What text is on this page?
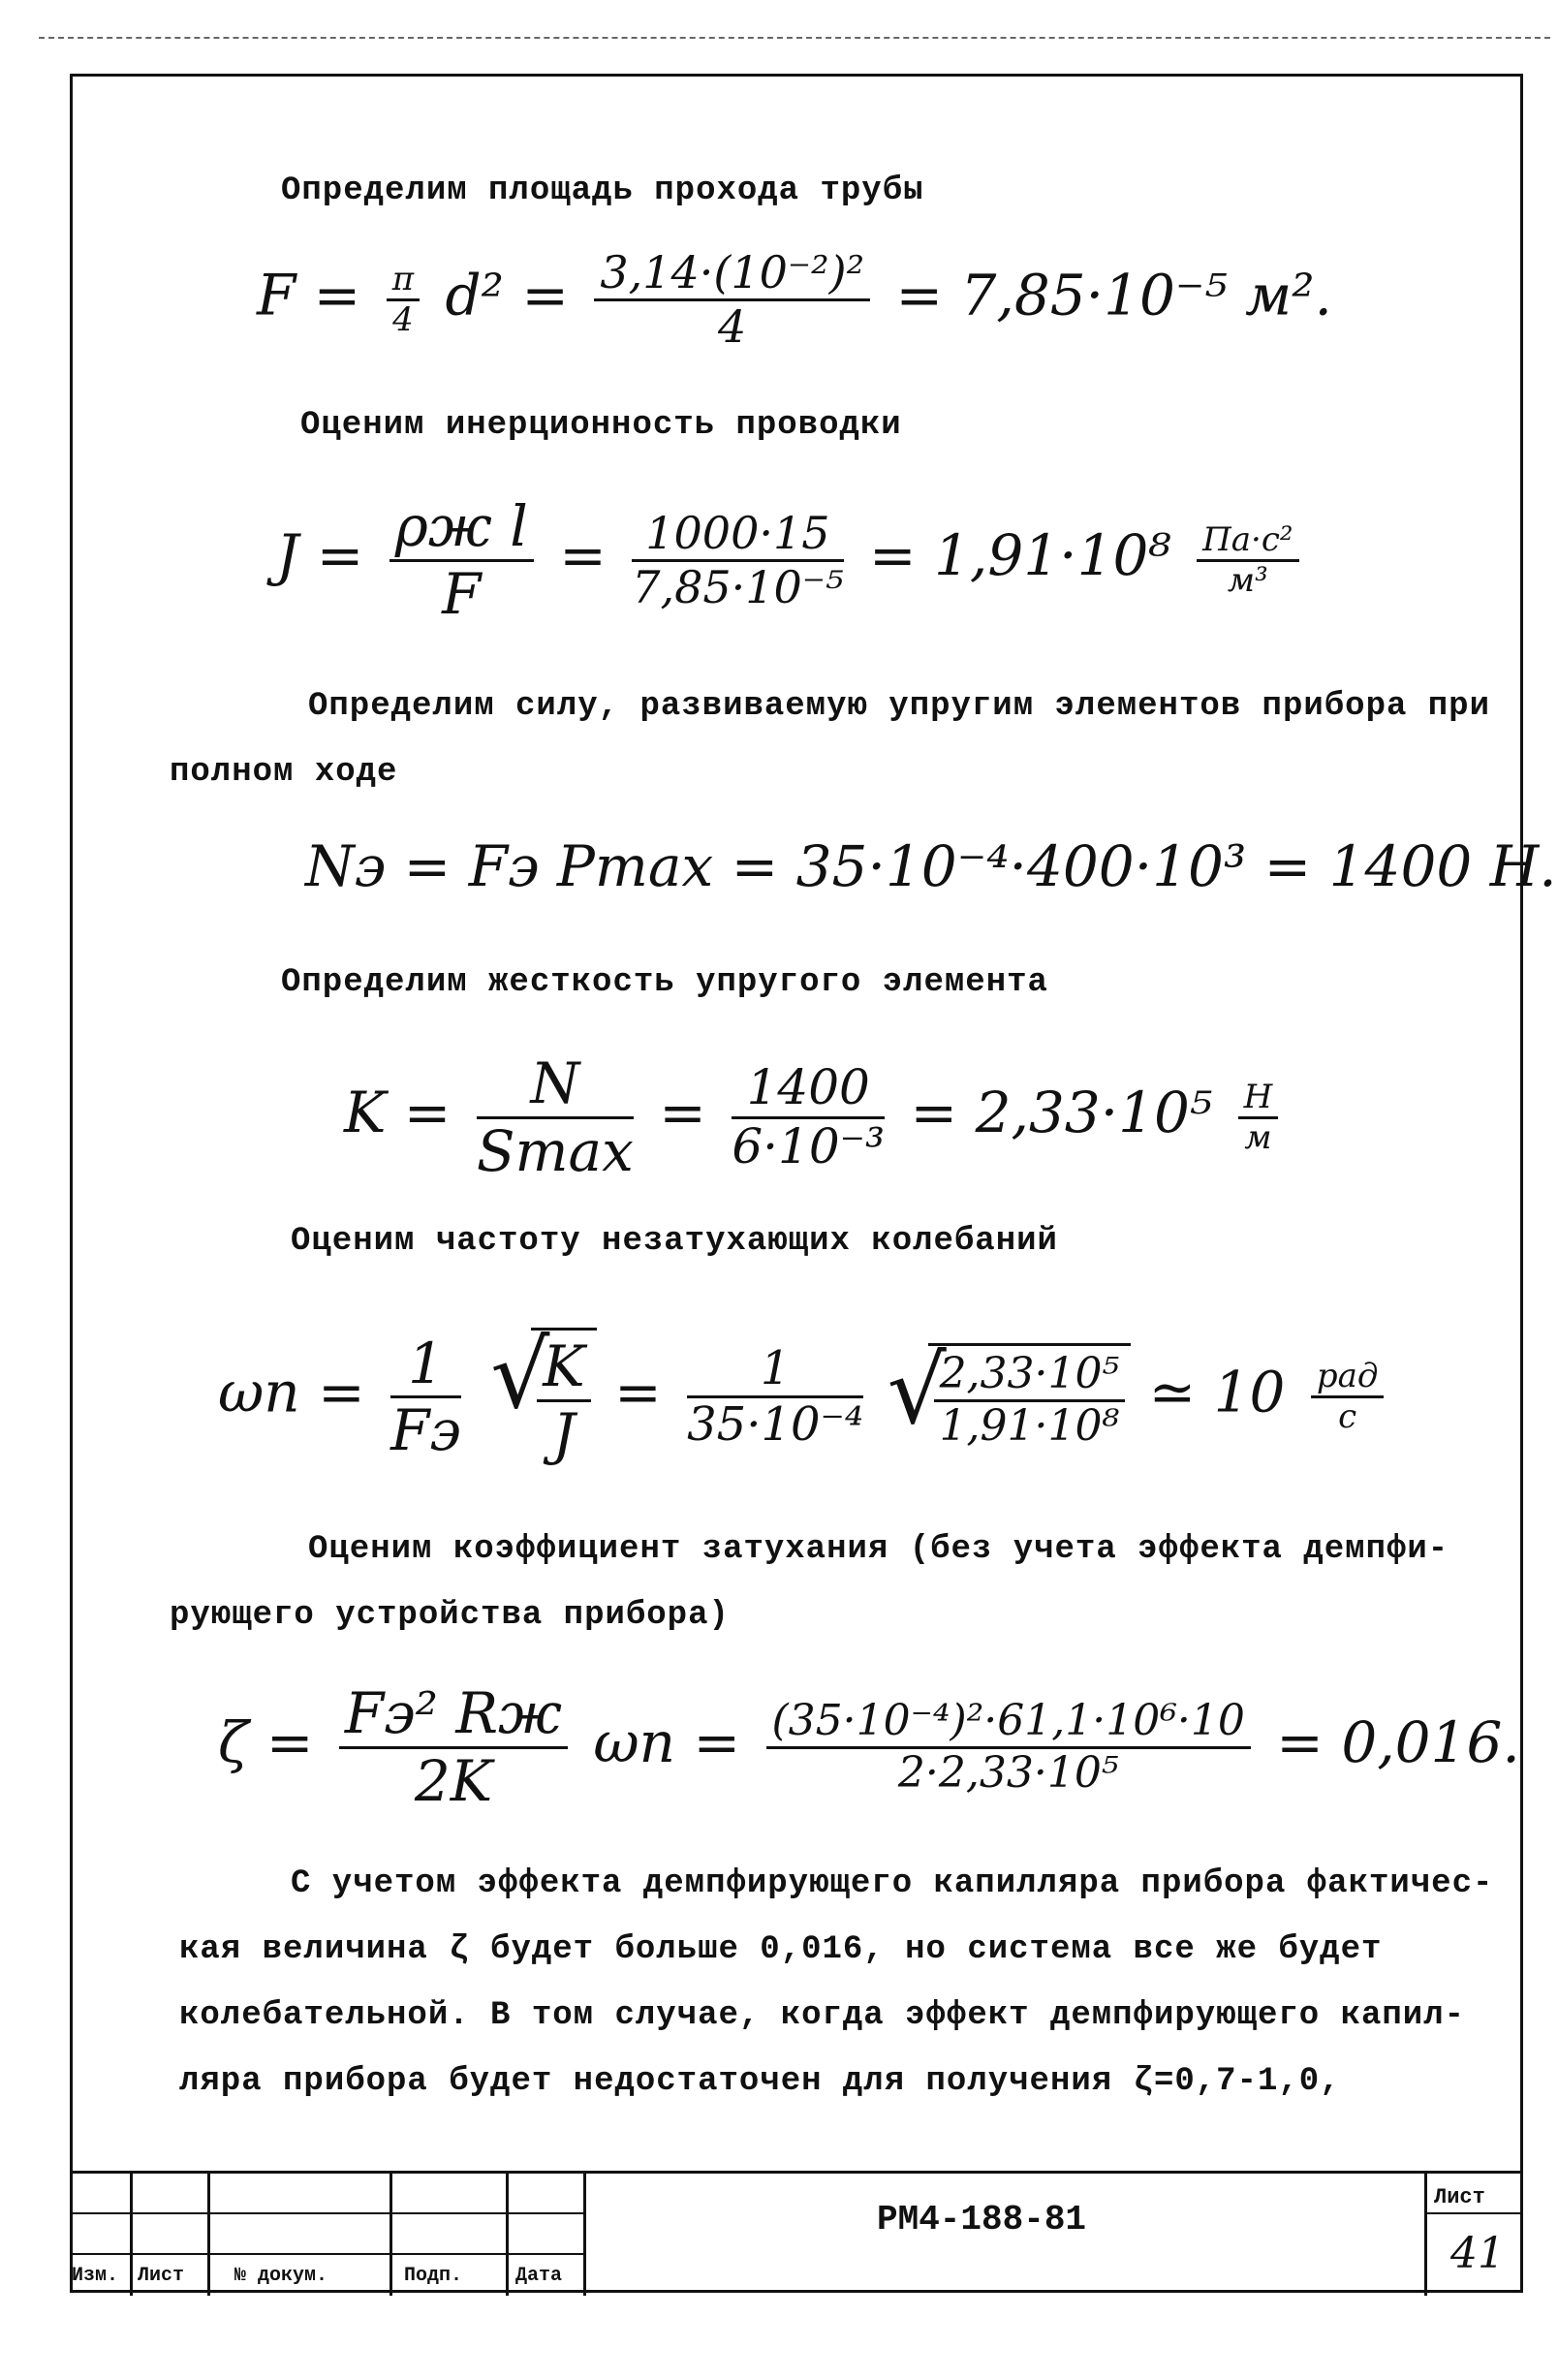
Определим площадь прохода трубы
$F = \frac{\pi}{4} d^2 = \frac{\text{3,14·(10⁻²)²}}{4} = 7,85\cdot 10^{-5}$ м².
Оценим инерционность проводки
$J = \frac{\text{ρж l}}{F} = \frac{1000\cdot 15}{\text{7,85·10⁻⁵}} = 1,91\cdot 10^8 \frac{\text{Па·с²}}{\text{м³}}$
Определим силу, развиваемую упругим элементов прибора при
полном ходе
Nэ = Fэ Pmax = 35·10⁻⁴·400·10³ = 1400 Н.
Определим жесткость упругого элемента
$K = \frac{N}{Smax} = \frac{1400}{\text{6·10⁻³}} = 2,33\cdot 10^5 \frac{Н}{м}$
Оценим частоту незатухающих колебаний
$\omega n = \frac{1}{Fэ}$
√ $\frac{K}{J} = \frac{1}{\text{35·10⁻⁴}}$
√ $\frac{\text{2,33·10⁵}}{\text{1,91·10⁸}}$ ≃ $10 \frac{\text{рад}}{с}$
Оценим коэффициент затухания (без учета эффекта демпфи-
рующего устройства прибора)
$\zeta = \frac{\text{Fэ² Rж}}{2K}$ $\omega n = \frac{\text{(35·10⁻⁴)²·61,1·10⁶·10}}{\text{2·2,33·10⁵}} = 0,016$.
С учетом эффекта демпфирующего капилляра прибора фактичес-
кая величина ζ будет больше 0,016, но система все же будет
колебательной. В том случае, когда эффект демпфирующего капил-
ляра прибора будет недостаточен для получения ζ=0,7-1,0,
Изм. Лист	№ докум.	Подп.	Дата
РМ4-188-81
Лист
41
